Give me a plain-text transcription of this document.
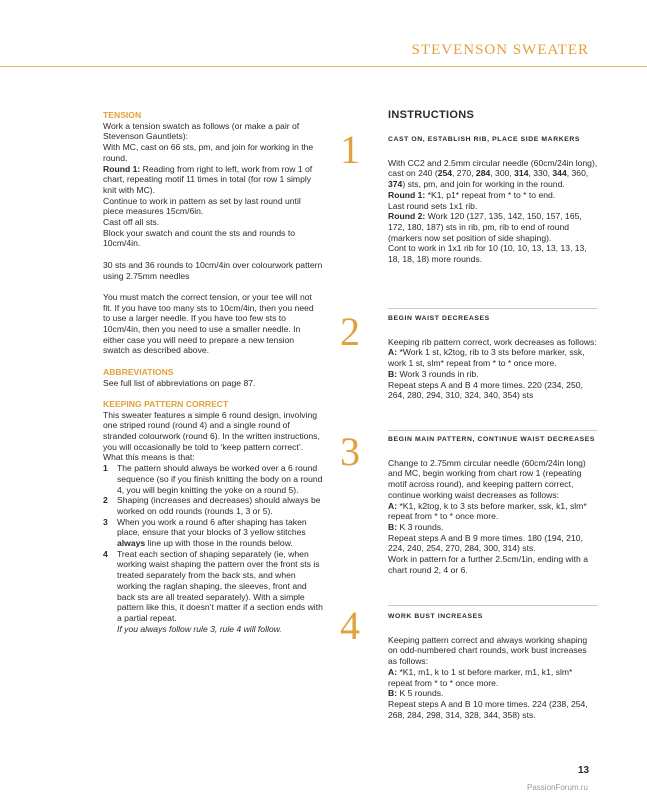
STEVENSON SWEATER
TENSION

Work a tension swatch as follows (or make a pair of Stevenson Gauntlets):

With MC, cast on 66 sts, pm, and join for working in the round.

Round 1: Reading from right to left, work from row 1 of chart, repeating motif 11 times in total (for row 1 simply knit with MC).

Continue to work in pattern as set by last round until piece measures 15cm/6in.

Cast off all sts.

Block your swatch and count the sts and rounds to 10cm/4in.

30 sts and 36 rounds to 10cm/4in over colourwork pattern using 2.75mm needles

You must match the correct tension, or your tee will not fit. If you have too many sts to 10cm/4in, then you need to use a larger needle. If you have too few sts to 10cm/4in, then you need to use a smaller needle. In either case you will need to prepare a new tension swatch as described above.

ABBREVIATIONS

See full list of abbreviations on page 87.

KEEPING PATTERN CORRECT

This sweater features a simple 6 round design, involving one striped round (round 4) and a single round of stranded colourwork (round 6). In the written instructions, you will occasionally be told to ‘keep pattern correct’. What this means is that:

1 The pattern should always be worked over a 6 round sequence (so if you finish knitting the body on a round 4, you will begin knitting the yoke on a round 5).
2 Shaping (increases and decreases) should always be worked on odd rounds (rounds 1, 3 or 5).
3 When you work a round 6 after shaping has taken place, ensure that your blocks of 3 yellow stitches always line up with those in the rounds below.
4 Treat each section of shaping separately (ie, when working waist shaping the pattern over the front sts is treated separately from the back sts, and when working the raglan shaping, the sleeves, front and back sts are all treated separately). With a simple pattern like this, it doesn’t matter if a section ends with a partial repeat.

If you always follow rule 3, rule 4 will follow.

INSTRUCTIONS
1	CAST ON, ESTABLISH RIB, PLACE SIDE MARKERS

With CC2 and 2.5mm circular needle (60cm/24in long), cast on 240 (254, 270, 284, 300, 314, 330, 344, 360, 374) sts, pm, and join for working in the round.

Round 1: *K1, p1* repeat from * to * to end.

Last round sets 1x1 rib.

Round 2: Work 120 (127, 135, 142, 150, 157, 165, 172, 180, 187) sts in rib, pm, rib to end of round (markers now set position of side shaping).

Cont to work in 1x1 rib for 10 (10, 10, 13, 13, 13, 13, 18, 18, 18) more rounds.

2	BEGIN WAIST DECREASES

Keeping rib pattern correct, work decreases as follows:

A: *Work 1 st, k2tog, rib to 3 sts before marker, ssk, work 1 st, slm* repeat from * to * once more.

B: Work 3 rounds in rib.

Repeat steps A and B 4 more times. 220 (234, 250, 264, 280, 294, 310, 324, 340, 354) sts

3	BEGIN MAIN PATTERN, CONTINUE WAIST DECREASES

Change to 2.75mm circular needle (60cm/24in long) and MC, begin working from chart row 1 (repeating motif across round), and keeping pattern correct, continue working waist decreases as follows:

A: *K1, k2tog, k to 3 sts before marker, ssk, k1, slm* repeat from * to * once more.

B: K 3 rounds.

Repeat steps A and B 9 more times. 180 (194, 210, 224, 240, 254, 270, 284, 300, 314) sts.

Work in pattern for a further 2.5cm/1in, ending with a chart round 2, 4 or 6.

4	WORK BUST INCREASES

Keeping pattern correct and always working shaping on odd-numbered chart rounds, work bust increases as follows:

A: *K1, m1, k to 1 st before marker, m1, k1, slm* repeat from * to * once more.

B: K 5 rounds.

Repeat steps A and B 10 more times. 224 (238, 254, 268, 284, 298, 314, 328, 344, 358) sts.

13
PassionForum.ru
